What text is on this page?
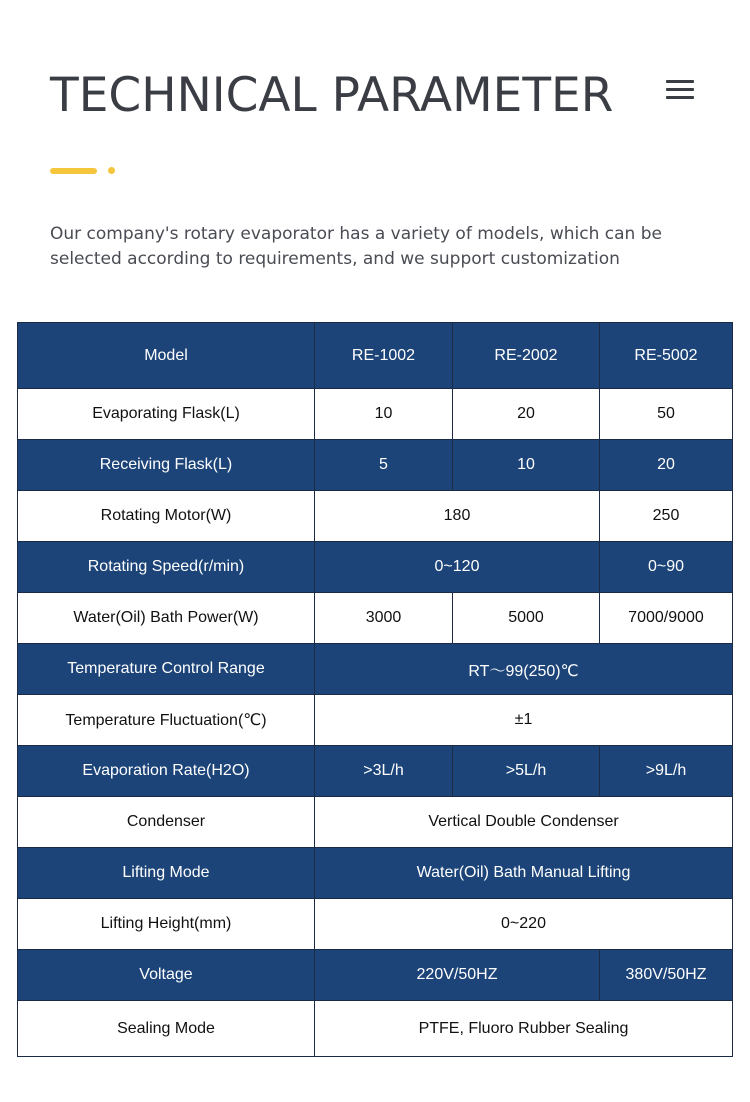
TECHNICAL PARAMETER

Our company's rotary evaporator has a variety of models, which can be selected according to requirements, and we support customization

Model	RE-1002	RE-2002	RE-5002
Evaporating Flask(L)	10	20	50
Receiving Flask(L)	5	10	20
Rotating Motor(W)	180		250
Rotating Speed(r/min)	0~120		0~90
Water(Oil) Bath Power(W)	3000	5000	7000/9000
Temperature Control Range	RT～99(250)℃		
Temperature Fluctuation(℃)	±1		
Evaporation Rate(H2O)	>3L/h	>5L/h	>9L/h
Condenser	Vertical Double Condenser		
Lifting Mode	Water(Oil) Bath Manual Lifting		
Lifting Height(mm)	0~220		
Voltage	220V/50HZ		380V/50HZ
Sealing Mode	PTFE, Fluoro Rubber Sealing		
